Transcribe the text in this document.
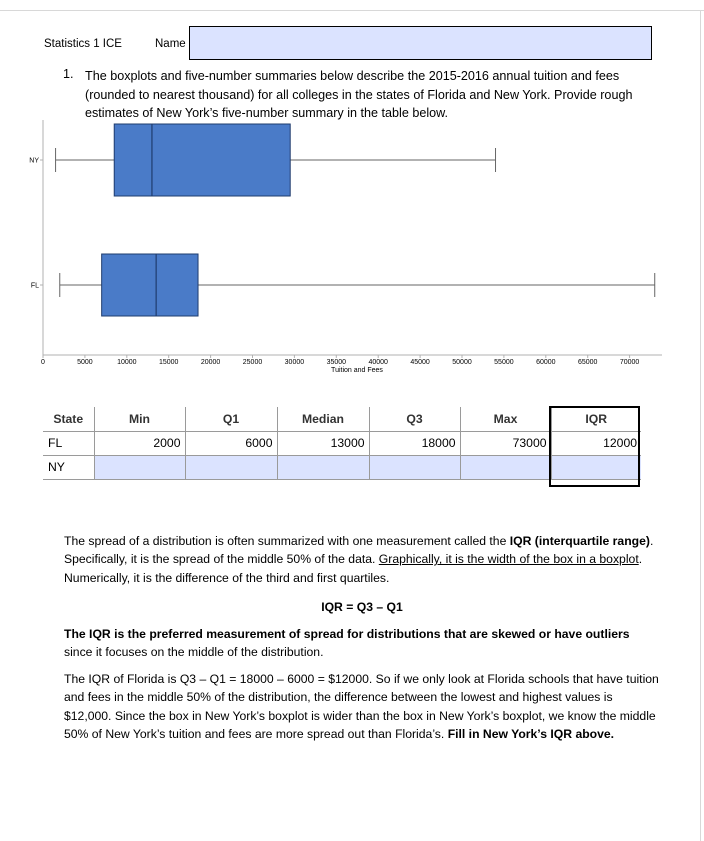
Statistics 1 ICE	Name
1. The boxplots and five-number summaries below describe the 2015-2016 annual tuition and fees (rounded to nearest thousand) for all colleges in the states of Florida and New York. Provide rough estimates of New York’s five-number summary in the table below.
0	5000	10000	15000	20000	25000	30000	35000	40000	45000	50000	55000	60000	65000	70000
NY
FL
Tuition and Fees
State	Min	Q1	Median	Q3	Max	IQR
FL	2000	6000	13000	18000	73000	12000
NY						
The spread of a distribution is often summarized with one measurement called the IQR (interquartile range). Specifically, it is the spread of the middle 50% of the data. Graphically, it is the width of the box in a boxplot. Numerically, it is the difference of the third and first quartiles.
IQR = Q3 – Q1
The IQR is the preferred measurement of spread for distributions that are skewed or have outliers since it focuses on the middle of the distribution.
The IQR of Florida is Q3 – Q1 = 18000 – 6000 = $12000. So if we only look at Florida schools that have tuition and fees in the middle 50% of the distribution, the difference between the lowest and highest values is $12,000. Since the box in New York’s boxplot is wider than the box in New York’s boxplot, we know the middle 50% of New York’s tuition and fees are more spread out than Florida’s. Fill in New York’s IQR above.
